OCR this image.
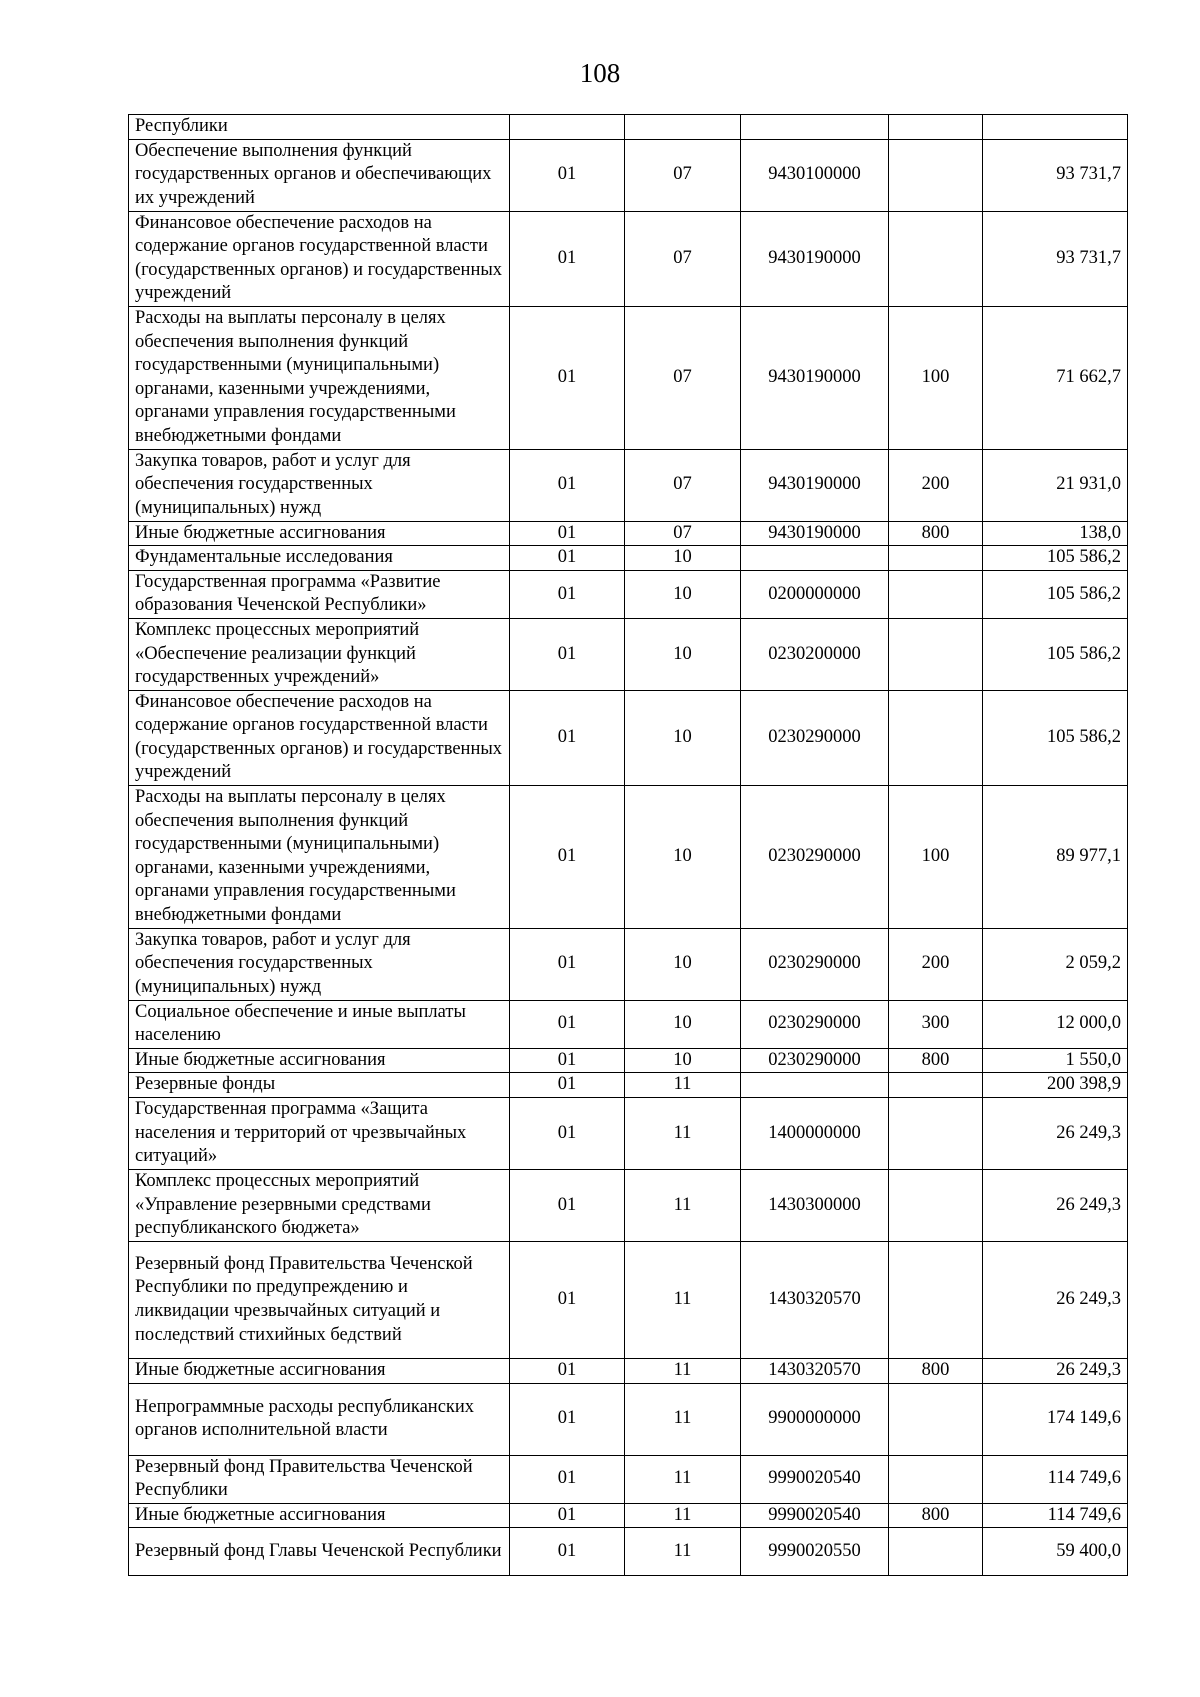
108
Республики					
Обеспечение выполнения функций государственных органов и обеспечивающих их учреждений	01	07	9430100000		93 731,7
Финансовое обеспечение расходов на содержание органов государственной власти (государственных органов) и государственных учреждений	01	07	9430190000		93 731,7
Расходы на выплаты персоналу в целях обеспечения выполнения функций государственными (муниципальными) органами, казенными учреждениями, органами управления государственными внебюджетными фондами	01	07	9430190000	100	71 662,7
Закупка товаров, работ и услуг для обеспечения государственных (муниципальных) нужд	01	07	9430190000	200	21 931,0
Иные бюджетные ассигнования	01	07	9430190000	800	138,0
Фундаментальные исследования	01	10			105 586,2
Государственная программа «Развитие образования Чеченской Республики»	01	10	0200000000		105 586,2
Комплекс процессных мероприятий «Обеспечение реализации функций государственных учреждений»	01	10	0230200000		105 586,2
Финансовое обеспечение расходов на содержание органов государственной власти (государственных органов) и государственных учреждений	01	10	0230290000		105 586,2
Расходы на выплаты персоналу в целях обеспечения выполнения функций государственными (муниципальными) органами, казенными учреждениями, органами управления государственными внебюджетными фондами	01	10	0230290000	100	89 977,1
Закупка товаров, работ и услуг для обеспечения государственных (муниципальных) нужд	01	10	0230290000	200	2 059,2
Социальное обеспечение и иные выплаты населению	01	10	0230290000	300	12 000,0
Иные бюджетные ассигнования	01	10	0230290000	800	1 550,0
Резервные фонды	01	11			200 398,9
Государственная программа «Защита населения и территорий от чрезвычайных ситуаций»	01	11	1400000000		26 249,3
Комплекс процессных мероприятий «Управление резервными средствами республиканского бюджета»	01	11	1430300000		26 249,3
Резервный фонд Правительства Чеченской Республики по предупреждению и ликвидации чрезвычайных ситуаций и последствий стихийных бедствий	01	11	1430320570		26 249,3
Иные бюджетные ассигнования	01	11	1430320570	800	26 249,3
Непрограммные расходы республиканских органов исполнительной власти	01	11	9900000000		174 149,6
Резервный фонд Правительства Чеченской Республики	01	11	9990020540		114 749,6
Иные бюджетные ассигнования	01	11	9990020540	800	114 749,6
Резервный фонд Главы Чеченской Республики	01	11	9990020550		59 400,0
